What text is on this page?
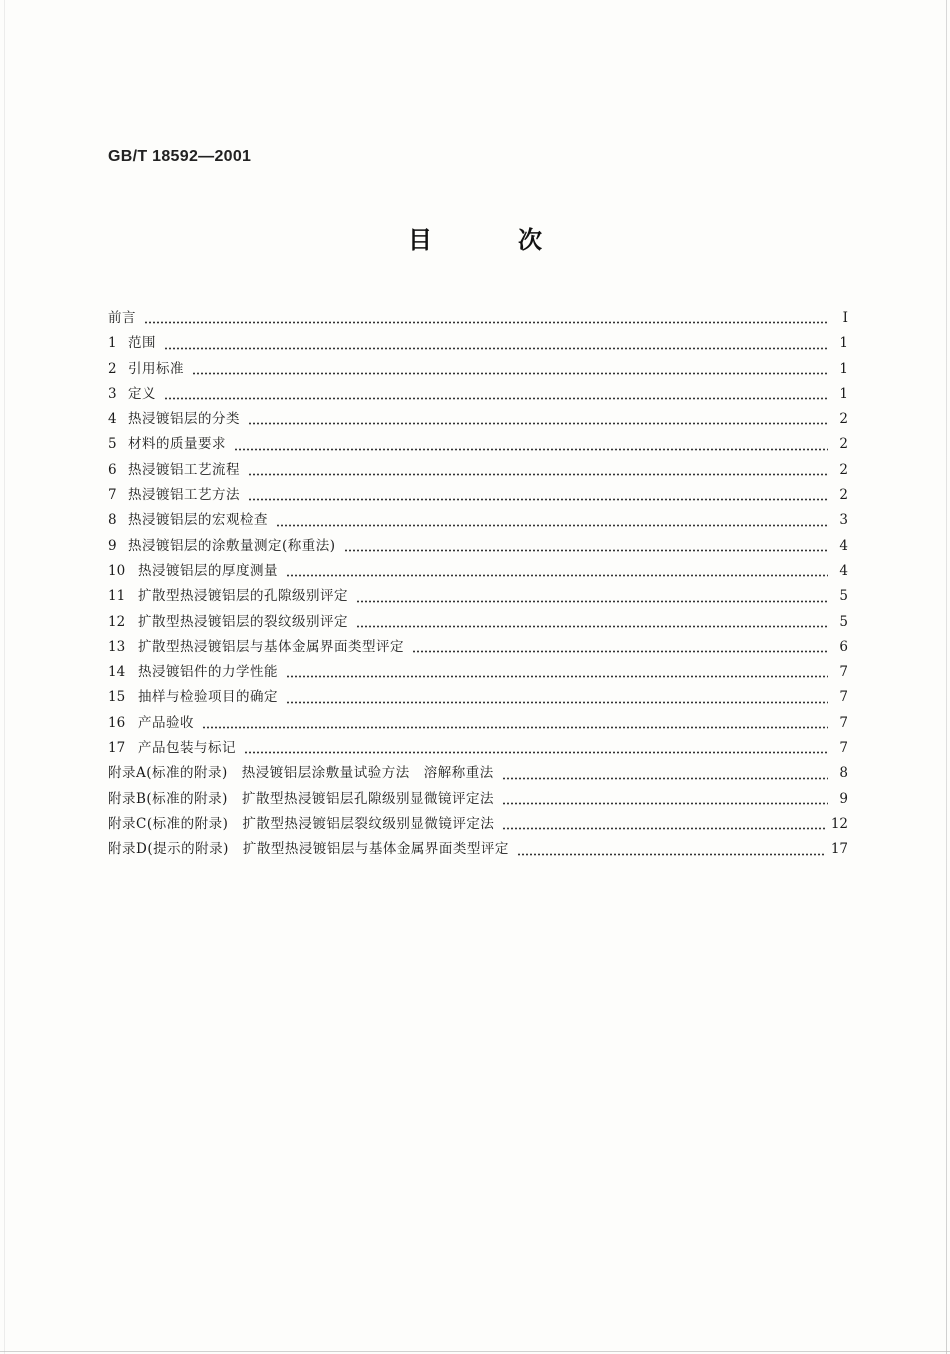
GB/T 18592—2001
目次
前言	I
1 范围	1
2 引用标准	1
3 定义	1
4 热浸镀铝层的分类	2
5 材料的质量要求	2
6 热浸镀铝工艺流程	2
7 热浸镀铝工艺方法	2
8 热浸镀铝层的宏观检查	3
9 热浸镀铝层的涂敷量测定(称重法)	4
10 热浸镀铝层的厚度测量	4
11 扩散型热浸镀铝层的孔隙级别评定	5
12 扩散型热浸镀铝层的裂纹级别评定	5
13 扩散型热浸镀铝层与基体金属界面类型评定	6
14 热浸镀铝件的力学性能	7
15 抽样与检验项目的确定	7
16 产品验收	7
17 产品包装与标记	7
附录A(标准的附录)　热浸镀铝层涂敷量试验方法　溶解称重法	8
附录B(标准的附录)　扩散型热浸镀铝层孔隙级别显微镜评定法	9
附录C(标准的附录)　扩散型热浸镀铝层裂纹级别显微镜评定法	12
附录D(提示的附录)　扩散型热浸镀铝层与基体金属界面类型评定	17
